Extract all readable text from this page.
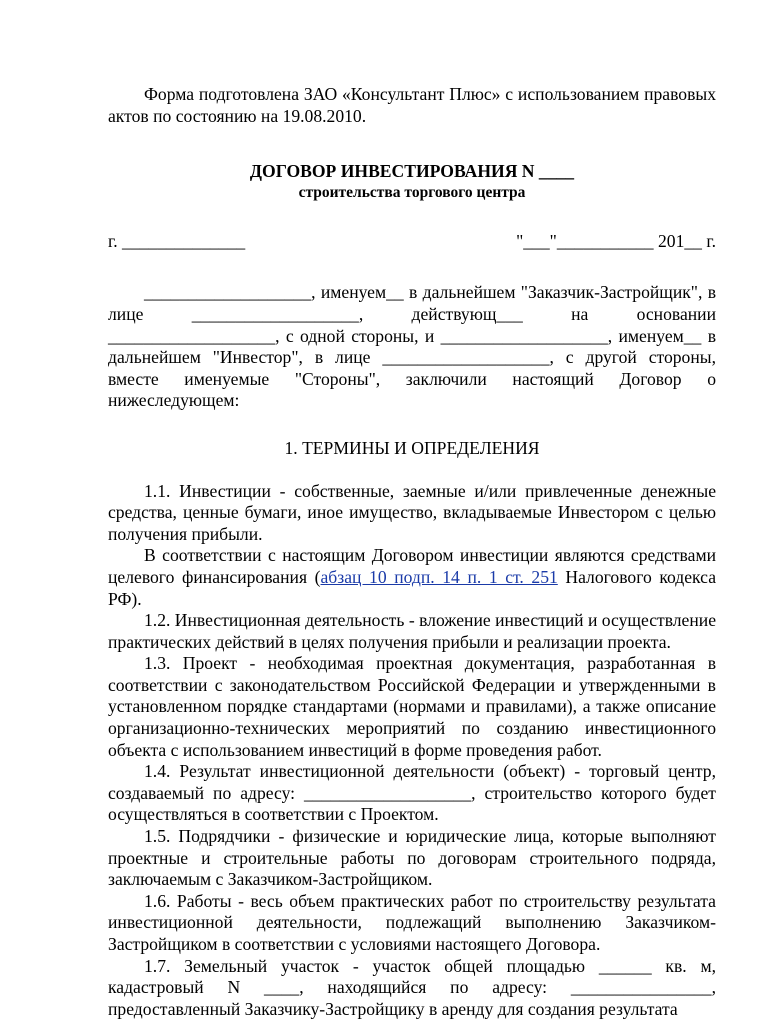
Форма подготовлена ЗАО «Консультант Плюс» с использованием правовых актов по состоянию на 19.08.2010.

ДОГОВОР ИНВЕСТИРОВАНИЯ N ____

строительства торгового центра

г. ______________	"___"___________ 201__ г.

___________________, именуем__ в дальнейшем "Заказчик-Застройщик", в лице ___________________, действующ___ на основании ___________________, с одной стороны, и ___________________, именуем__ в дальнейшем "Инвестор", в лице ___________________, с другой стороны, вместе именуемые "Стороны", заключили настоящий Договор о нижеследующем:

1. ТЕРМИНЫ И ОПРЕДЕЛЕНИЯ

1.1. Инвестиции - собственные, заемные и/или привлеченные денежные средства, ценные бумаги, иное имущество, вкладываемые Инвестором с целью получения прибыли.

В соответствии с настоящим Договором инвестиции являются средствами целевого финансирования (абзац 10 подп. 14 п. 1 ст. 251 Налогового кодекса РФ).

1.2. Инвестиционная деятельность - вложение инвестиций и осуществление практических действий в целях получения прибыли и реализации проекта.

1.3. Проект - необходимая проектная документация, разработанная в соответствии с законодательством Российской Федерации и утвержденными в установленном порядке стандартами (нормами и правилами), а также описание организационно-технических мероприятий по созданию инвестиционного объекта с использованием инвестиций в форме проведения работ.

1.4. Результат инвестиционной деятельности (объект) - торговый центр, создаваемый по адресу: ___________________, строительство которого будет осуществляться в соответствии с Проектом.

1.5. Подрядчики - физические и юридические лица, которые выполняют проектные и строительные работы по договорам строительного подряда, заключаемым с Заказчиком-Застройщиком.

1.6. Работы - весь объем практических работ по строительству результата инвестиционной деятельности, подлежащий выполнению Заказчиком-Застройщиком в соответствии с условиями настоящего Договора.

1.7. Земельный участок - участок общей площадью ______ кв. м, кадастровый N ____, находящийся по адресу: ________________, предоставленный Заказчику-Застройщику в аренду для создания результата
